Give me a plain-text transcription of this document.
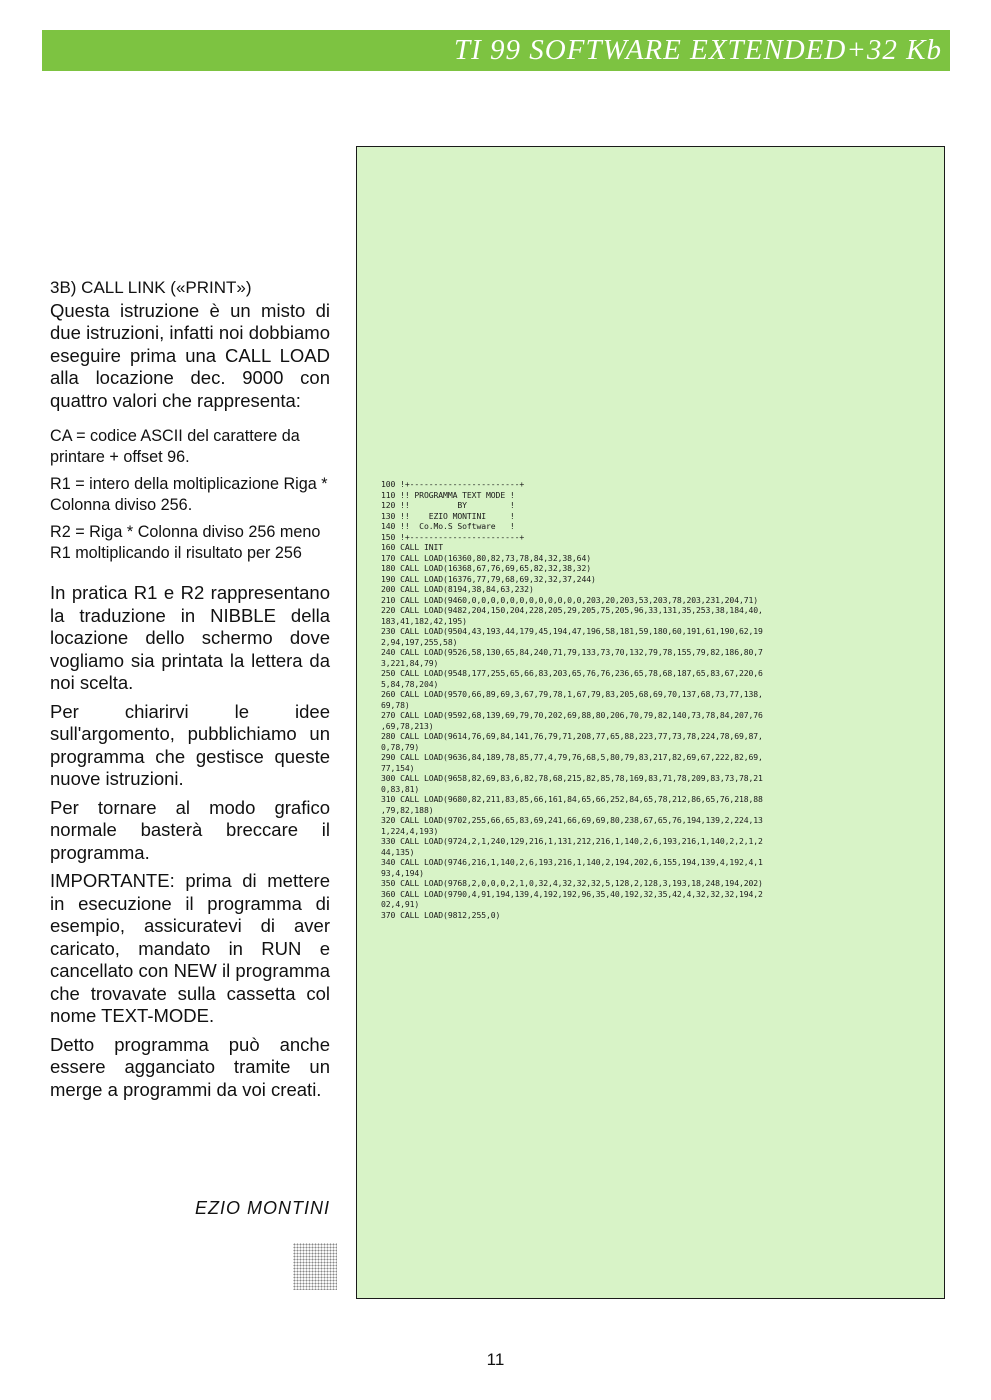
TI 99 SOFTWARE EXTENDED+32 Kb

3B) CALL LINK («PRINT»)

Questa istruzione è un misto di due istruzioni, infatti noi dobbiamo eseguire prima una CALL LOAD alla locazione dec. 9000 con quattro valori che rappresenta:

CA = codice ASCII del carattere da printare + offset 96.

R1 = intero della moltiplicazione Riga * Colonna diviso 256.

R2 = Riga * Colonna diviso 256 meno R1 moltiplicando il risultato per 256

In pratica R1 e R2 rappresentano la traduzione in NIBBLE della locazione dello schermo dove vogliamo sia printata la lettera da noi scelta.

Per chiarirvi le idee sull'argomento, pubblichiamo un programma che gestisce queste nuove istruzioni.

Per tornare al modo grafico normale basterà breccare il programma.

IMPORTANTE: prima di mettere in esecuzione il programma di esempio, assicuratevi di aver caricato, mandato in RUN e cancellato con NEW il programma che trovavate sulla cassetta col nome TEXT-MODE.

Detto programma può anche essere agganciato tramite un merge a programmi da voi creati.

EZIO MONTINI
100 !+-----------------------+
110 !! PROGRAMMA TEXT MODE !
120 !!          BY         !
130 !!    EZIO MONTINI     !
140 !!  Co.Mo.S Software   !
150 !+-----------------------+
160 CALL INIT
170 CALL LOAD(16360,80,82,73,78,84,32,38,64)
180 CALL LOAD(16368,67,76,69,65,82,32,38,32)
190 CALL LOAD(16376,77,79,68,69,32,32,37,244)
200 CALL LOAD(8194,38,84,63,232)
210 CALL LOAD(9460,0,0,0,0,0,0,0,0,0,0,0,0,203,20,203,53,203,78,203,231,204,71)
220 CALL LOAD(9482,204,150,204,228,205,29,205,75,205,96,33,131,35,253,38,184,40,
183,41,182,42,195)
230 CALL LOAD(9504,43,193,44,179,45,194,47,196,58,181,59,180,60,191,61,190,62,19
2,94,197,255,58)
240 CALL LOAD(9526,58,130,65,84,240,71,79,133,73,70,132,79,78,155,79,82,186,80,7
3,221,84,79)
250 CALL LOAD(9548,177,255,65,66,83,203,65,76,76,236,65,78,68,187,65,83,67,220,6
5,84,78,204)
260 CALL LOAD(9570,66,89,69,3,67,79,78,1,67,79,83,205,68,69,70,137,68,73,77,138,
69,78)
270 CALL LOAD(9592,68,139,69,79,70,202,69,88,80,206,70,79,82,140,73,78,84,207,76
,69,78,213)
280 CALL LOAD(9614,76,69,84,141,76,79,71,208,77,65,88,223,77,73,78,224,78,69,87,
0,78,79)
290 CALL LOAD(9636,84,189,78,85,77,4,79,76,68,5,80,79,83,217,82,69,67,222,82,69,
77,154)
300 CALL LOAD(9658,82,69,83,6,82,78,68,215,82,85,78,169,83,71,78,209,83,73,78,21
0,83,81)
310 CALL LOAD(9680,82,211,83,85,66,161,84,65,66,252,84,65,78,212,86,65,76,218,88
,79,82,188)
320 CALL LOAD(9702,255,66,65,83,69,241,66,69,69,80,238,67,65,76,194,139,2,224,13
1,224,4,193)
330 CALL LOAD(9724,2,1,240,129,216,1,131,212,216,1,140,2,6,193,216,1,140,2,2,1,2
44,135)
340 CALL LOAD(9746,216,1,140,2,6,193,216,1,140,2,194,202,6,155,194,139,4,192,4,1
93,4,194)
350 CALL LOAD(9768,2,0,0,0,2,1,0,32,4,32,32,32,5,128,2,128,3,193,18,248,194,202)
360 CALL LOAD(9790,4,91,194,139,4,192,192,96,35,40,192,32,35,42,4,32,32,32,194,2
02,4,91)
370 CALL LOAD(9812,255,0)
11
